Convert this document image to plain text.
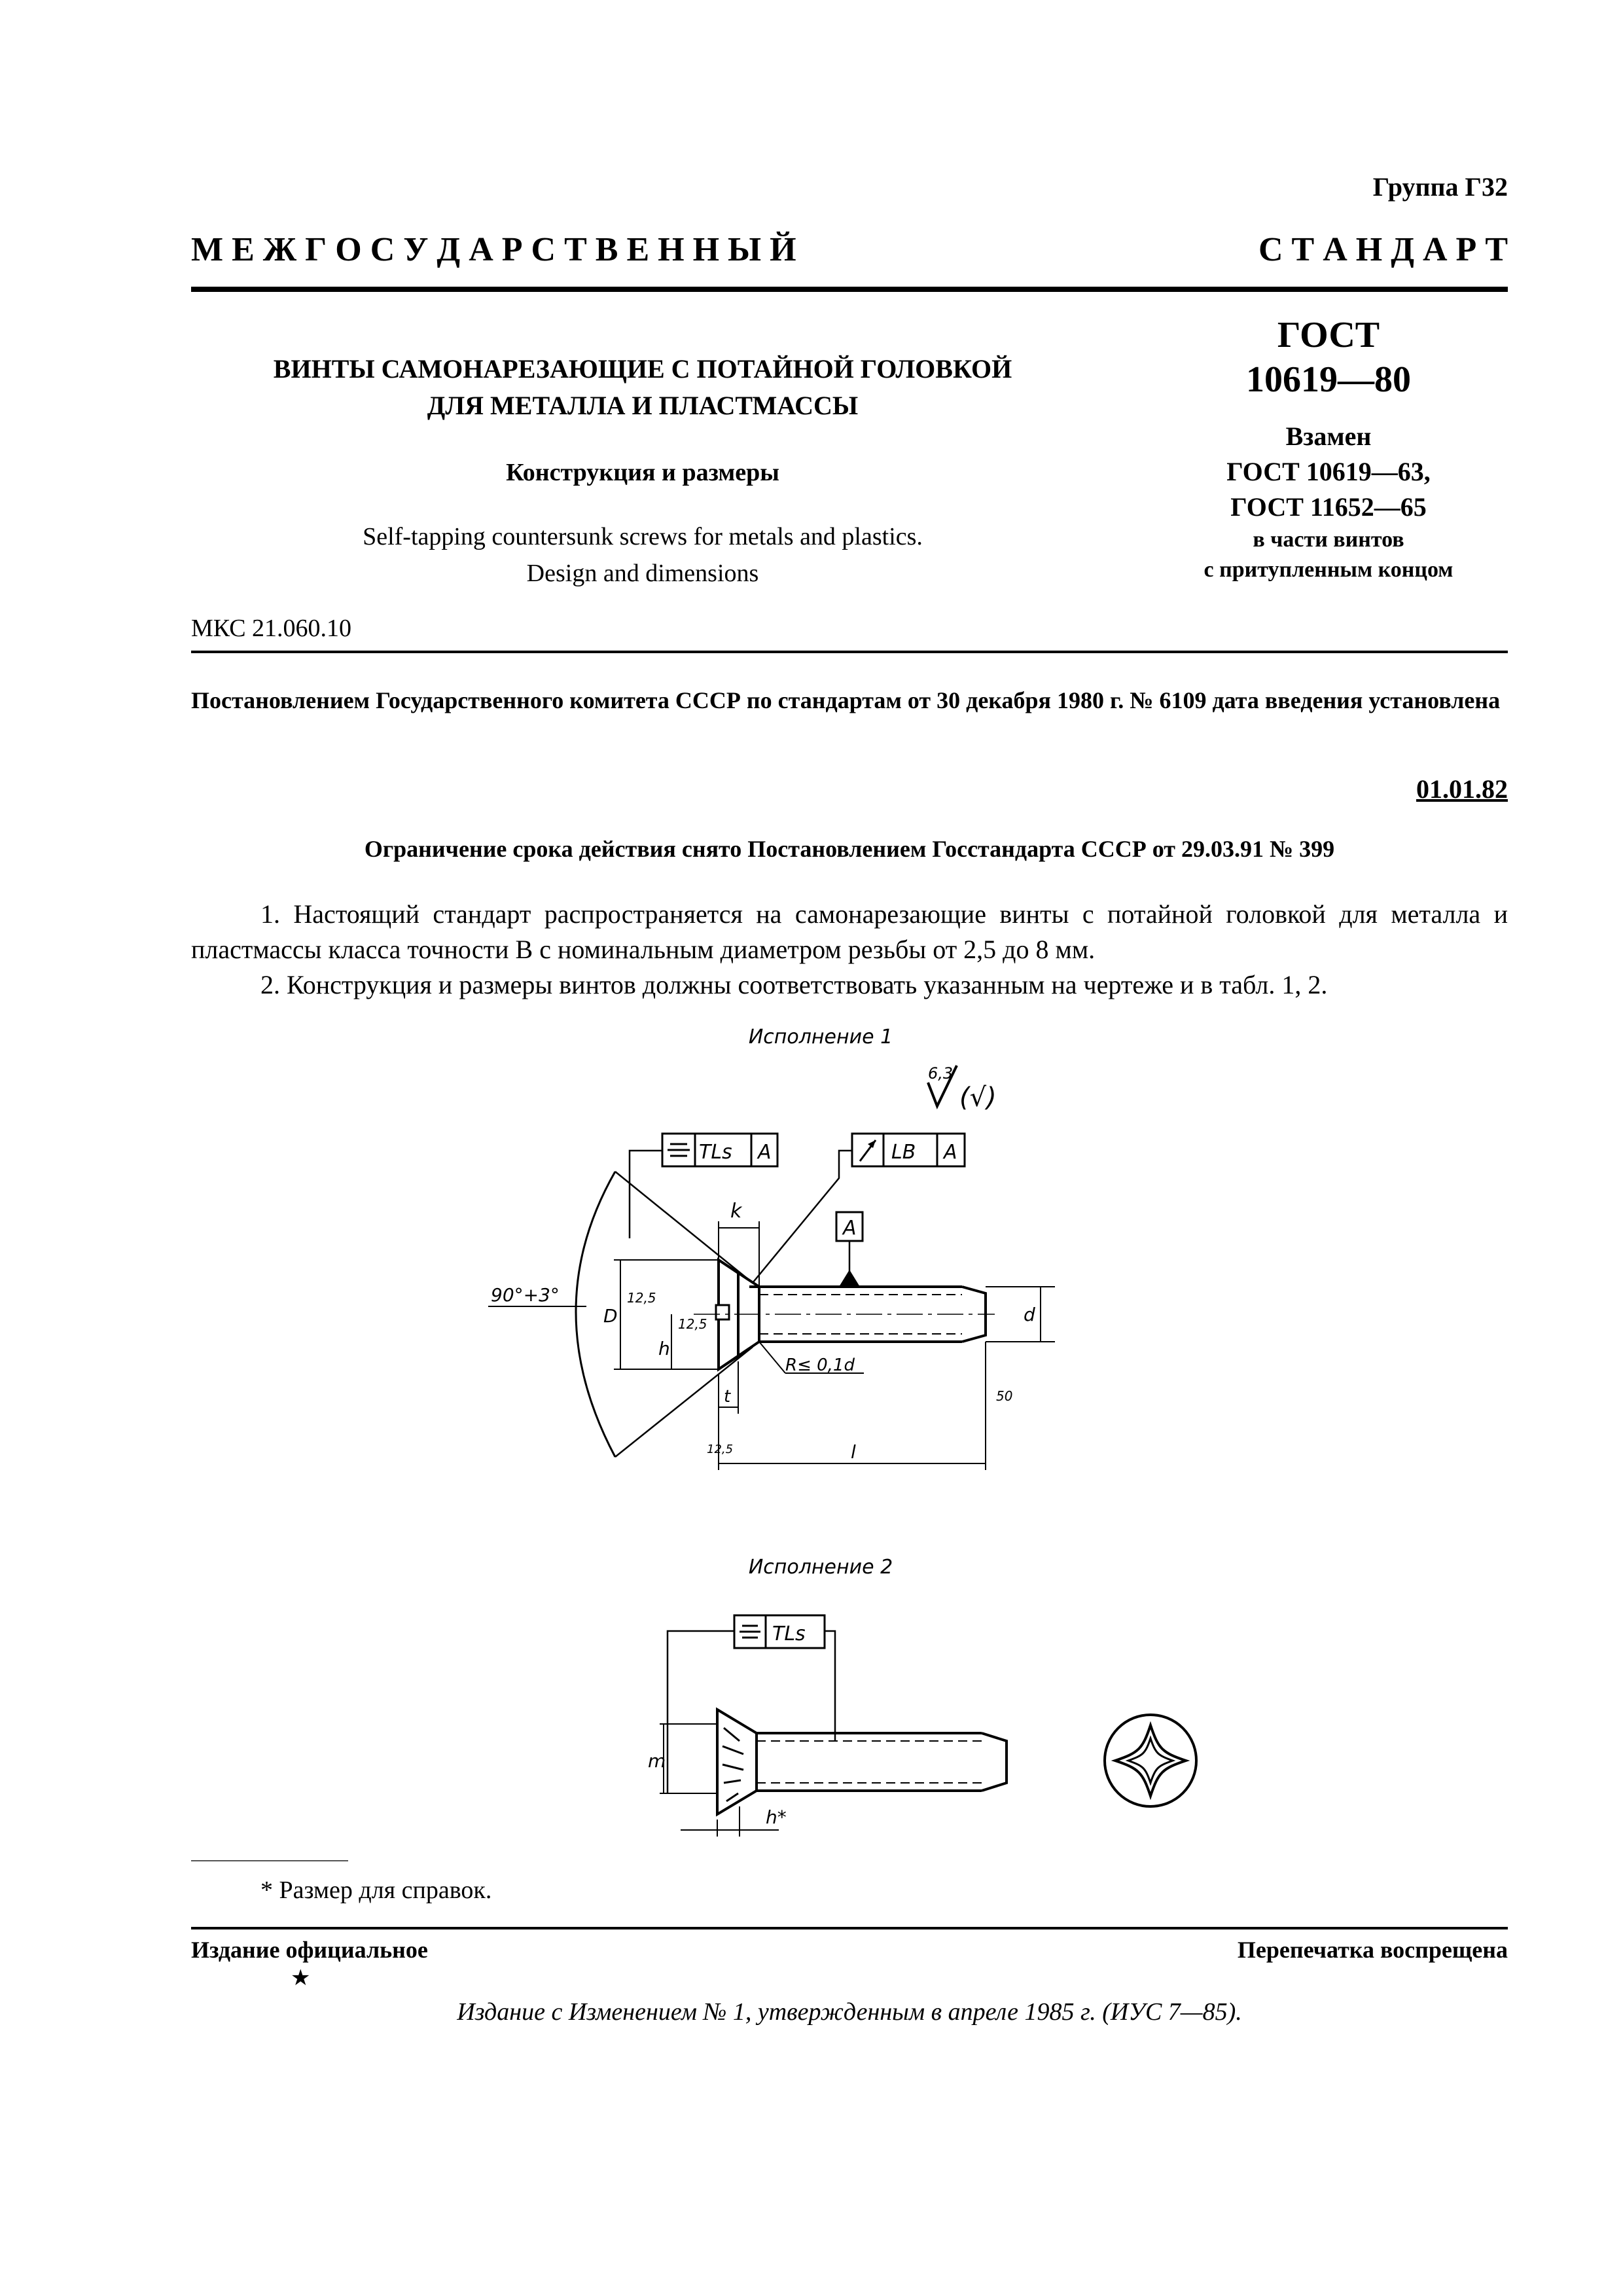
Группа Г32
М Е Ж Г О С У Д А Р С Т В Е Н Н Ы Й	С Т А Н Д А Р Т
ВИНТЫ САМОНАРЕЗАЮЩИЕ С ПОТАЙНОЙ ГОЛОВКОЙ
ДЛЯ МЕТАЛЛА И ПЛАСТМАССЫ
Конструкция и размеры
Self-tapping countersunk screws for metals and plastics.
Design and dimensions
ГОСТ
10619—80
Взамен
ГОСТ 10619—63,
ГОСТ 11652—65
в части винтов
с притупленным концом
МКС 21.060.10
Постановлением Государственного комитета СССР по стандартам от 30 декабря 1980 г. № 6109 дата введения установлена
01.01.82
Ограничение срока действия снято Постановлением Госстандарта СССР от 29.03.91 № 399
1. Настоящий стандарт распространяется на самонарезающие винты с потайной головкой для металла и пластмассы класса точности В с номинальным диаметром резьбы от 2,5 до 8 мм.
2. Конструкция и размеры винтов должны соответствовать указанным на чертеже и в табл. 1, 2.
Исполнение 1
6,3
(√)
TLs A	LB A
A
90°+3°
k
D
h
12,5
12,5	d
R≤ 0,1d
t
12,5	l
50
Исполнение 2
TLs
m
h*
* Размер для справок.
Издание официальное	Перепечатка воспрещена
★
Издание с Изменением № 1, утвержденным в апреле 1985 г. (ИУС 7—85).
